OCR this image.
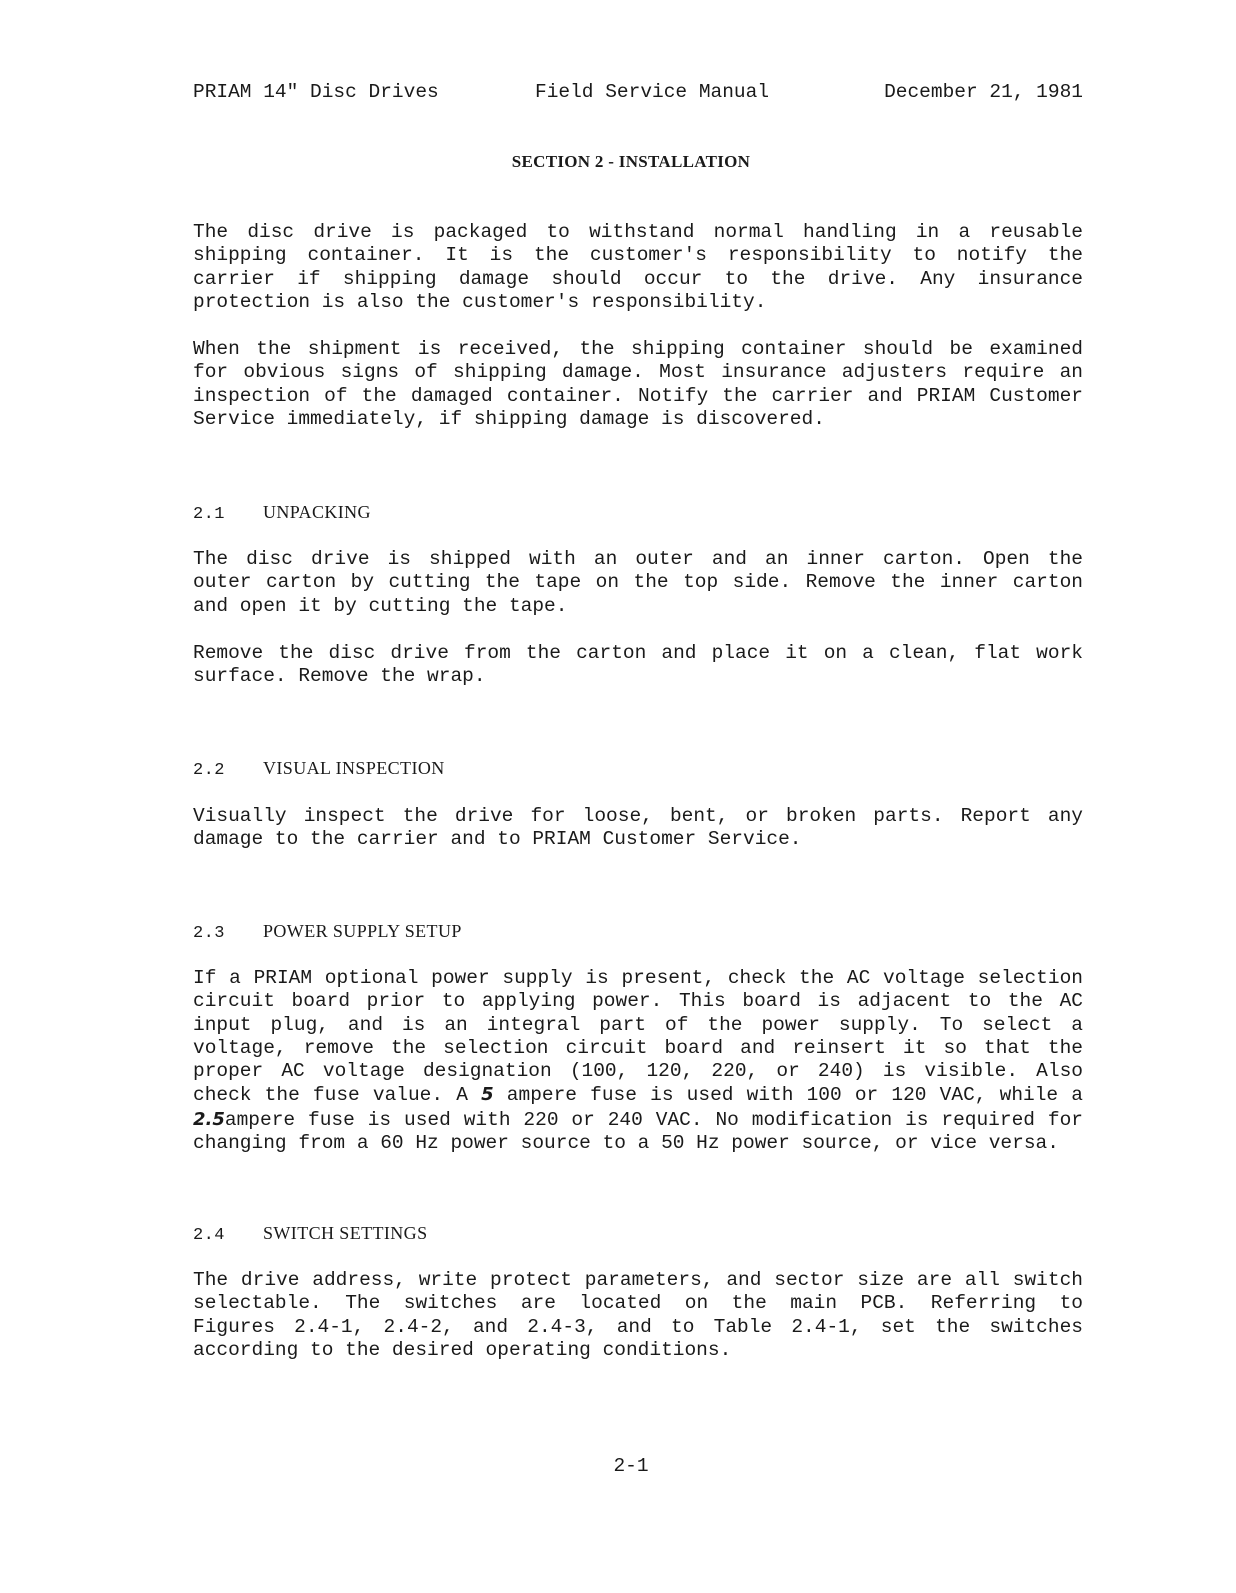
PRIAM 14" Disc Drives

	Field Service Manual

	December 21, 1981

SECTION 2 - INSTALLATION
The disc drive is packaged to withstand normal handling in a reusable
shipping container. It is the customer's responsibility to notify the
carrier if shipping damage should occur to the drive. Any insurance
protection is also the customer's responsibility.
When the shipment is received, the shipping container should be examined
for obvious signs of shipping damage. Most insurance adjusters require an
inspection of the damaged container. Notify the carrier and PRIAM Customer
Service immediately, if shipping damage is discovered.
2.1 UNPACKING
The disc drive is shipped with an outer and an inner carton. Open the
outer carton by cutting the tape on the top side. Remove the inner carton
and open it by cutting the tape.
Remove the disc drive from the carton and place it on a clean, flat work
surface. Remove the wrap.
2.2 VISUAL INSPECTION
Visually inspect the drive for loose, bent, or broken parts. Report any
damage to the carrier and to PRIAM Customer Service.
2.3 POWER SUPPLY SETUP
If a PRIAM optional power supply is present, check the AC voltage selection
circuit board prior to applying power. This board is adjacent to the AC
input plug, and is an integral part of the power supply. To select a
voltage, remove the selection circuit board and reinsert it so that the
proper AC voltage designation (100, 120, 220, or 240) is visible. Also
check the fuse value. A 5 ampere fuse is used with 100 or 120 VAC, while a
2.5ampere fuse is used with 220 or 240 VAC. No modification is required for
changing from a 60 Hz power source to a 50 Hz power source, or vice versa.
2.4 SWITCH SETTINGS
The drive address, write protect parameters, and sector size are all switch
selectable. The switches are located on the main PCB. Referring to
Figures 2.4-1, 2.4-2, and 2.4-3, and to Table 2.4-1, set the switches
according to the desired operating conditions.
2-1
